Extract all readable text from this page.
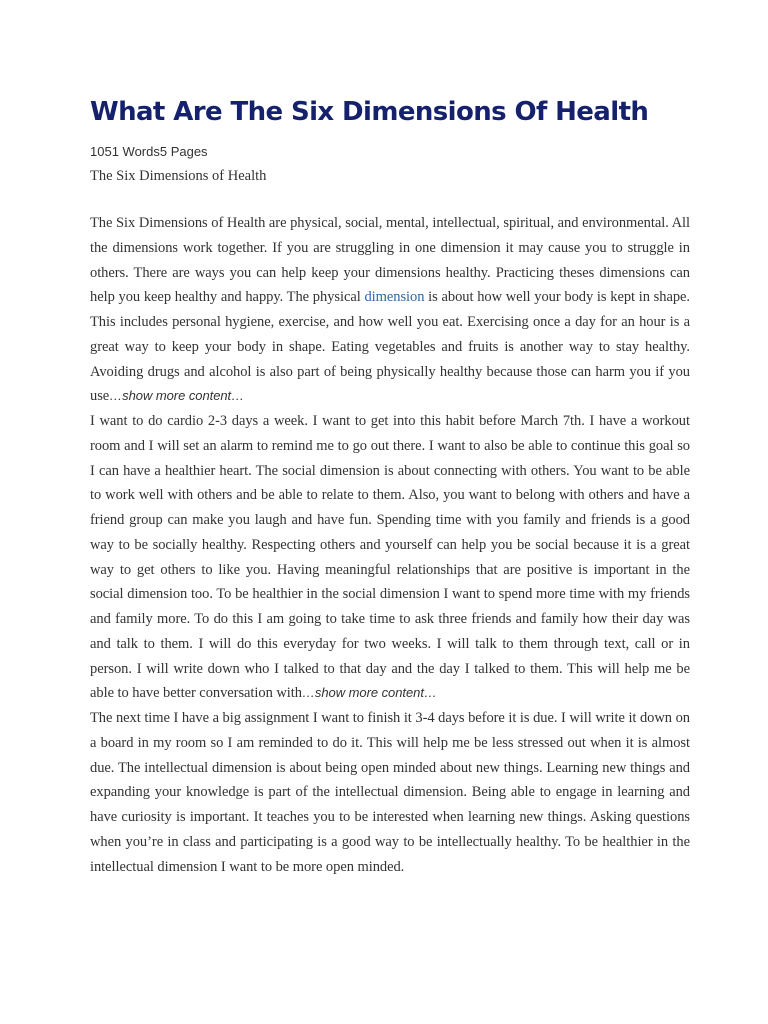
What Are The Six Dimensions Of Health
1051 Words5 Pages
The Six Dimensions of Health

The Six Dimensions of Health are physical, social, mental, intellectual, spiritual, and environmental. All the dimensions work together. If you are struggling in one dimension it may cause you to struggle in others. There are ways you can help keep your dimensions healthy. Practicing theses dimensions can help you keep healthy and happy. The physical dimension is about how well your body is kept in shape. This includes personal hygiene, exercise, and how well you eat. Exercising once a day for an hour is a great way to keep your body in shape. Eating vegetables and fruits is another way to stay healthy. Avoiding drugs and alcohol is also part of being physically healthy because those can harm you if you use…show more content…

I want to do cardio 2-3 days a week. I want to get into this habit before March 7th. I have a workout room and I will set an alarm to remind me to go out there. I want to also be able to continue this goal so I can have a healthier heart. The social dimension is about connecting with others. You want to be able to work well with others and be able to relate to them. Also, you want to belong with others and have a friend group can make you laugh and have fun. Spending time with you family and friends is a good way to be socially healthy. Respecting others and yourself can help you be social because it is a great way to get others to like you. Having meaningful relationships that are positive is important in the social dimension too. To be healthier in the social dimension I want to spend more time with my friends and family more. To do this I am going to take time to ask three friends and family how their day was and talk to them. I will do this everyday for two weeks. I will talk to them through text, call or in person. I will write down who I talked to that day and the day I talked to them. This will help me be able to have better conversation with…show more content…

The next time I have a big assignment I want to finish it 3-4 days before it is due. I will write it down on a board in my room so I am reminded to do it. This will help me be less stressed out when it is almost due. The intellectual dimension is about being open minded about new things. Learning new things and expanding your knowledge is part of the intellectual dimension. Being able to engage in learning and have curiosity is important. It teaches you to be interested when learning new things. Asking questions when you’re in class and participating is a good way to be intellectually healthy. To be healthier in the intellectual dimension I want to be more open minded.
